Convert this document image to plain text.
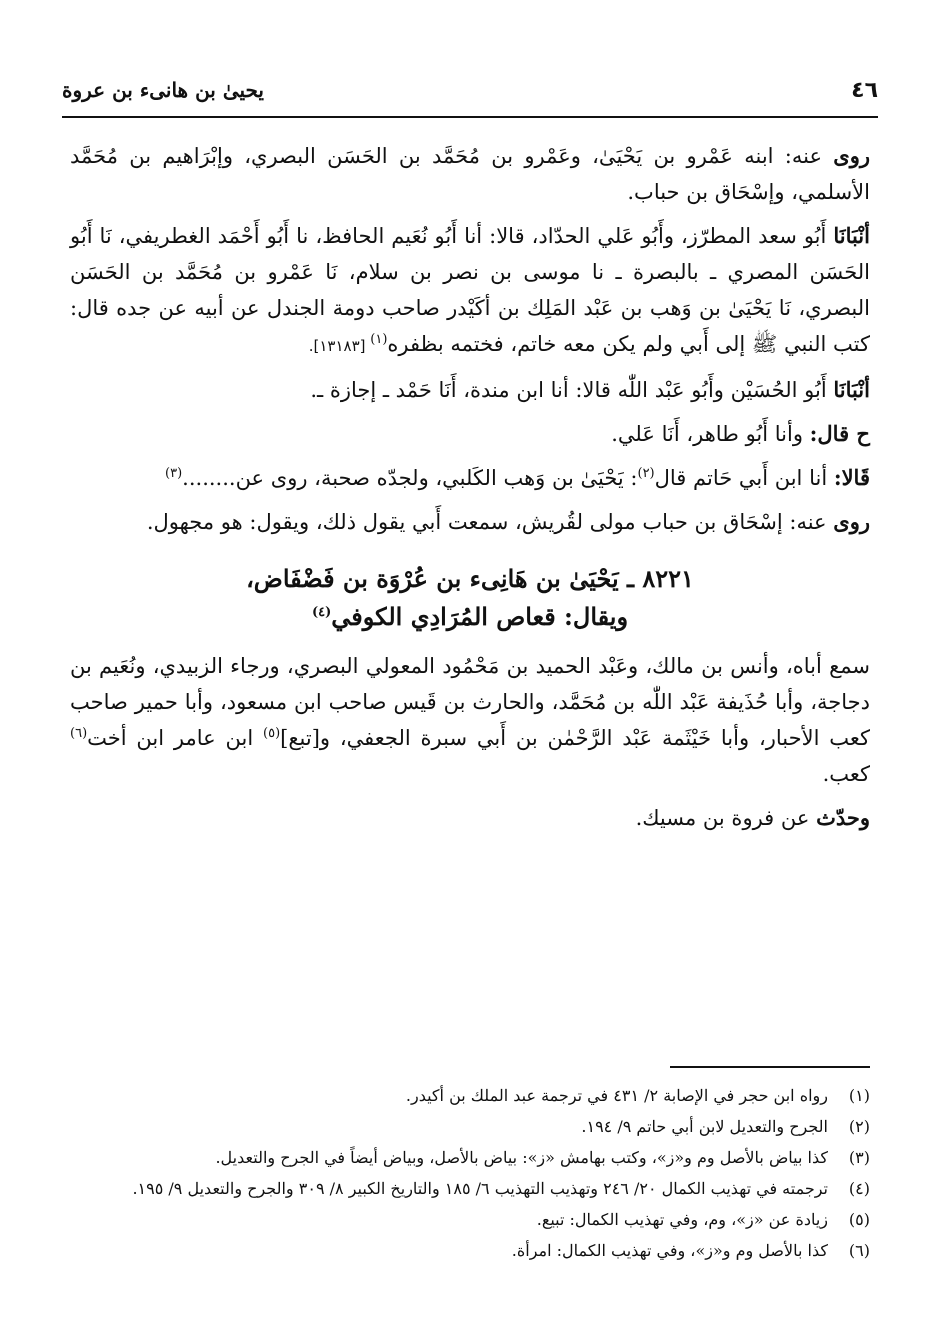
٤٦
يحيىٰ بن هانىء بن عروة

روى عنه: ابنه عَمْرو بن يَحْيَىٰ، وعَمْرو بن مُحَمَّد بن الحَسَن البصري، وإبْرَاهيم بن مُحَمَّد الأسلمي، وإسْحَاق بن حباب.

أنْبَانَا أَبُو سعد المطرّز، وأَبُو عَلي الحدّاد، قالا: أنا أَبُو نُعَيم الحافظ، نا أَبُو أَحْمَد الغطريفي، نَا أَبُو الحَسَن المصري ـ بالبصرة ـ نا موسى بن نصر بن سلام، نَا عَمْرو بن مُحَمَّد بن الحَسَن البصري، نَا يَحْيَىٰ بن وَهب بن عَبْد المَلِك بن أكَيْدر صاحب دومة الجندل عن أبيه عن جده قال: كتب النبي ﷺ إلى أَبي ولم يكن معه خاتم، فختمه بظفره$^{(١)}$ [١٣١٨٣].

أنْبَانَا أَبُو الحُسَيْن وأَبُو عَبْد اللّٰه قالا: أنا ابن مندة، أَنَا حَمْد ـ إجازة ـ.

ح قال: وأنا أَبُو طاهر، أَنَا عَلي.

قَالا: أنا ابن أَبي حَاتم قال$^{(٢)}$: يَحْيَىٰ بن وَهب الكَلبي، ولجدّه صحبة، روى عن........$^{(٣)}$

روى عنه: إسْحَاق بن حباب مولى لقُريش، سمعت أَبي يقول ذلك، ويقول: هو مجهول.

٨٢٢١ ـ يَحْيَىٰ بن هَانِىء بن عُرْوَة بن فَضْفَاض،
ويقال: قعاص المُرَادِي الكوفي$^{(٤)}$

سمع أباه، وأنس بن مالك، وعَبْد الحميد بن مَحْمُود المعولي البصري، ورجاء الزبيدي، ونُعَيم بن دجاجة، وأبا حُذَيفة عَبْد اللّٰه بن مُحَمَّد، والحارث بن قَيس صاحب ابن مسعود، وأبا حمير صاحب كعب الأحبار، وأبا خَيْثَمة عَبْد الرَّحْمٰن بن أَبي سبرة الجعفي، و[تبع]$^{(٥)}$ ابن عامر ابن أخت$^{(٦)}$ كعب.

وحدّث عن فروة بن مسيك.

(١)
رواه ابن حجر في الإصابة ٢/ ٤٣١ في ترجمة عبد الملك بن أكيدر.
(٢)
الجرح والتعديل لابن أبي حاتم ٩/ ١٩٤.
(٣)
كذا بياض بالأصل وم و«ز»، وكتب بهامش «ز»: بياض بالأصل، وبياض أيضاً في الجرح والتعديل.
(٤)
ترجمته في تهذيب الكمال ٢٠/ ٢٤٦ وتهذيب التهذيب ٦/ ١٨٥ والتاريخ الكبير ٨/ ٣٠٩ والجرح والتعديل ٩/ ١٩٥.
(٥)
زيادة عن «ز»، وم، وفي تهذيب الكمال: تبيع.
(٦)
كذا بالأصل وم و«ز»، وفي تهذيب الكمال: امرأة.
